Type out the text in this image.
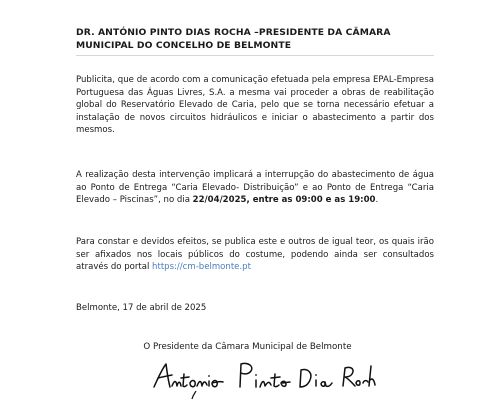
DR. ANTÓNIO PINTO DIAS ROCHA –PRESIDENTE DA CÂMARA MUNICIPAL DO CONCELHO DE BELMONTE
Publicita, que de acordo com a comunicação efetuada pela empresa EPAL-Empresa Portuguesa das Águas Livres, S.A. a mesma vai proceder a obras de reabilitação global do Reservatório Elevado de Caria, pelo que se torna necessário efetuar a instalação de novos circuitos hidráulicos e iniciar o abastecimento a partir dos mesmos.
A realização desta intervenção implicará a interrupção do abastecimento de água ao Ponto de Entrega “Caria Elevado- Distribuição” e ao Ponto de Entrega “Caria Elevado – Piscinas”, no dia 22/04/2025, entre as 09:00 e as 19:00.
Para constar e devidos efeitos, se publica este e outros de igual teor, os quais irão ser afixados nos locais públicos do costume, podendo ainda ser consultados através do portal https://cm-belmonte.pt
Belmonte, 17 de abril de 2025
O Presidente da Câmara Municipal de Belmonte
